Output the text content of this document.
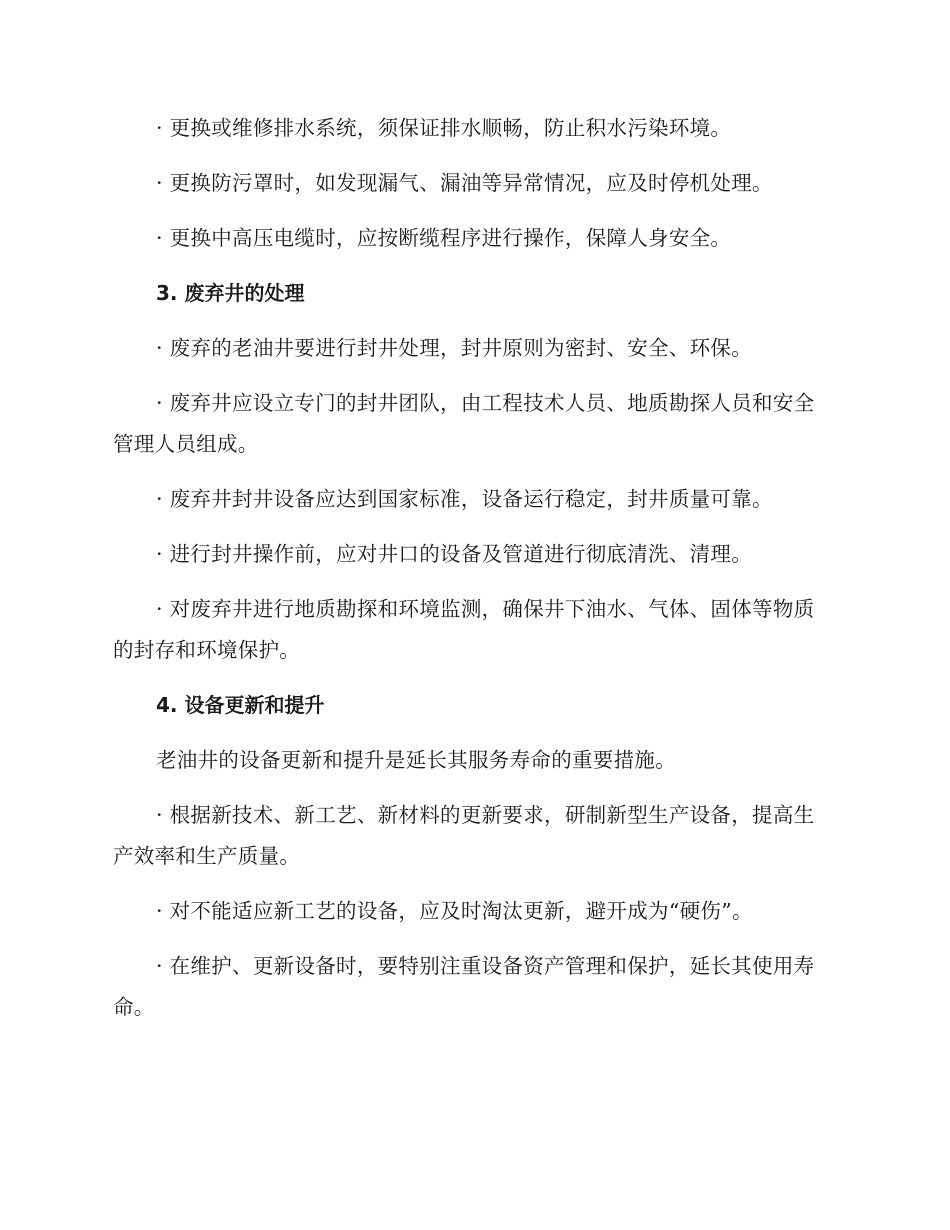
· 更换或维修排水系统，须保证排水顺畅，防止积水污染环境。

· 更换防污罩时，如发现漏气、漏油等异常情况，应及时停机处理。

· 更换中高压电缆时，应按断缆程序进行操作，保障人身安全。

3. 废弃井的处理

· 废弃的老油井要进行封井处理，封井原则为密封、安全、环保。

· 废弃井应设立专门的封井团队，由工程技术人员、地质勘探人员和安全管理人员组成。

· 废弃井封井设备应达到国家标准，设备运行稳定，封井质量可靠。

· 进行封井操作前，应对井口的设备及管道进行彻底清洗、清理。

· 对废弃井进行地质勘探和环境监测，确保井下油水、气体、固体等物质的封存和环境保护。

4. 设备更新和提升

老油井的设备更新和提升是延长其服务寿命的重要措施。

· 根据新技术、新工艺、新材料的更新要求，研制新型生产设备，提高生产效率和生产质量。

· 对不能适应新工艺的设备，应及时淘汰更新，避开成为“硬伤”。

· 在维护、更新设备时，要特别注重设备资产管理和保护，延长其使用寿命。
